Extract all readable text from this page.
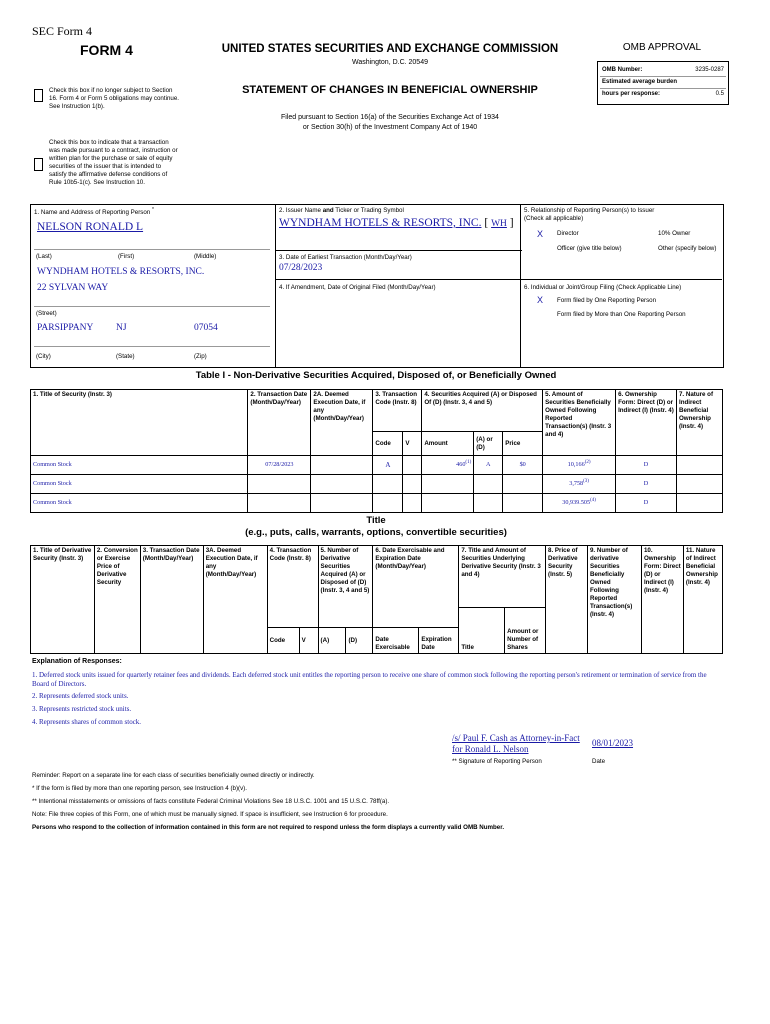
SEC Form 4
FORM 4	UNITED STATES SECURITIES AND EXCHANGE COMMISSION
Washington, D.C. 20549
STATEMENT OF CHANGES IN BENEFICIAL OWNERSHIP
Filed pursuant to Section 16(a) of the Securities Exchange Act of 1934
or Section 30(h) of the Investment Company Act of 1940
OMB APPROVAL
OMB Number:	3235-0287
Estimated average burden
hours per response:	0.5
Check this box if no longer subject to Section 16. Form 4 or Form 5 obligations may continue. See Instruction 1(b).
Check this box to indicate that a transaction was made pursuant to a contract, instruction or written plan for the purchase or sale of equity securities of the issuer that is intended to satisfy the affirmative defense conditions of Rule 10b5-1(c). See Instruction 10.
1. Name and Address of Reporting Person *
NELSON RONALD L
(Last)	(First)	(Middle)
WYNDHAM HOTELS & RESORTS, INC.
22 SYLVAN WAY
(Street)
PARSIPPANY NJ	07054
(City)	(State)	(Zip)
2. Issuer Name and Ticker or Trading Symbol
WYNDHAM HOTELS & RESORTS, INC. [ WH ]
3. Date of Earliest Transaction (Month/Day/Year)
07/28/2023
4. If Amendment, Date of Original Filed (Month/Day/Year)
5. Relationship of Reporting Person(s) to Issuer
(Check all applicable)
X Director	10% Owner
Officer (give title below)	Other (specify below)
6. Individual or Joint/Group Filing (Check Applicable Line)
X Form filed by One Reporting Person
Form filed by More than One Reporting Person
Table I - Non-Derivative Securities Acquired, Disposed of, or Beneficially Owned
1. Title of Security (Instr. 3)	2. Transaction Date (Month/Day/Year)	2A. Deemed Execution Date, if any (Month/Day/Year)	3. Transaction Code (Instr. 8)		4. Securities Acquired (A) or Disposed Of (D) (Instr. 3, 4 and 5)			5. Amount of Securities Beneficially Owned Following Reported Transaction(s) (Instr. 3 and 4)	6. Ownership Form: Direct (D) or Indirect (I) (Instr. 4)	7. Nature of Indirect Beneficial Ownership (Instr. 4)
			Code	V	Amount	(A) or (D)	Price			
Common Stock	07/28/2023		A		460$^{(1)}$	A	$0	10,166$^{(2)}$	D	
Common Stock								3,758$^{(3)}$	D	
Common Stock								30,939.505$^{(4)}$	D	
Title
(e.g., puts, calls, warrants, options, convertible securities)
1. Title of Derivative Security (Instr. 3)	2. Conversion or Exercise Price of Derivative Security	3. Transaction Date (Month/Day/Year)	3A. Deemed Execution Date, if any (Month/Day/Year)	4. Transaction Code (Instr. 8)		5. Number of Derivative Securities Acquired (A) or Disposed of (D) (Instr. 3, 4 and 5)		6. Date Exercisable and Expiration Date (Month/Day/Year)		7. Title and Amount of Securities Underlying Derivative Security (Instr. 3 and 4)		8. Price of Derivative Security (Instr. 5)	9. Number of derivative Securities Beneficially Owned Following Reported Transaction(s) (Instr. 4)	10. Ownership Form: Direct (D) or Indirect (I) (Instr. 4)	11. Nature of Indirect Beneficial Ownership (Instr. 4)
										Title	Amount or Number of Shares				
				Code	V	(A)	(D)	Date Exercisable	Expiration Date						
Explanation of Responses:
1. Deferred stock units issued for quarterly retainer fees and dividends. Each deferred stock unit entitles the reporting person to receive one share of common stock following the reporting person's retirement or termination of service from the Board of Directors.
2. Represents deferred stock units.
3. Represents restricted stock units.
4. Represents shares of common stock.
/s/ Paul F. Cash as Attorney-in-Fact for Ronald L. Nelson
08/01/2023
** Signature of Reporting Person	Date
Reminder: Report on a separate line for each class of securities beneficially owned directly or indirectly.
* If the form is filed by more than one reporting person, see Instruction 4 (b)(v).
** Intentional misstatements or omissions of facts constitute Federal Criminal Violations See 18 U.S.C. 1001 and 15 U.S.C. 78ff(a).
Note: File three copies of this Form, one of which must be manually signed. If space is insufficient, see Instruction 6 for procedure.
Persons who respond to the collection of information contained in this form are not required to respond unless the form displays a currently valid OMB Number.
